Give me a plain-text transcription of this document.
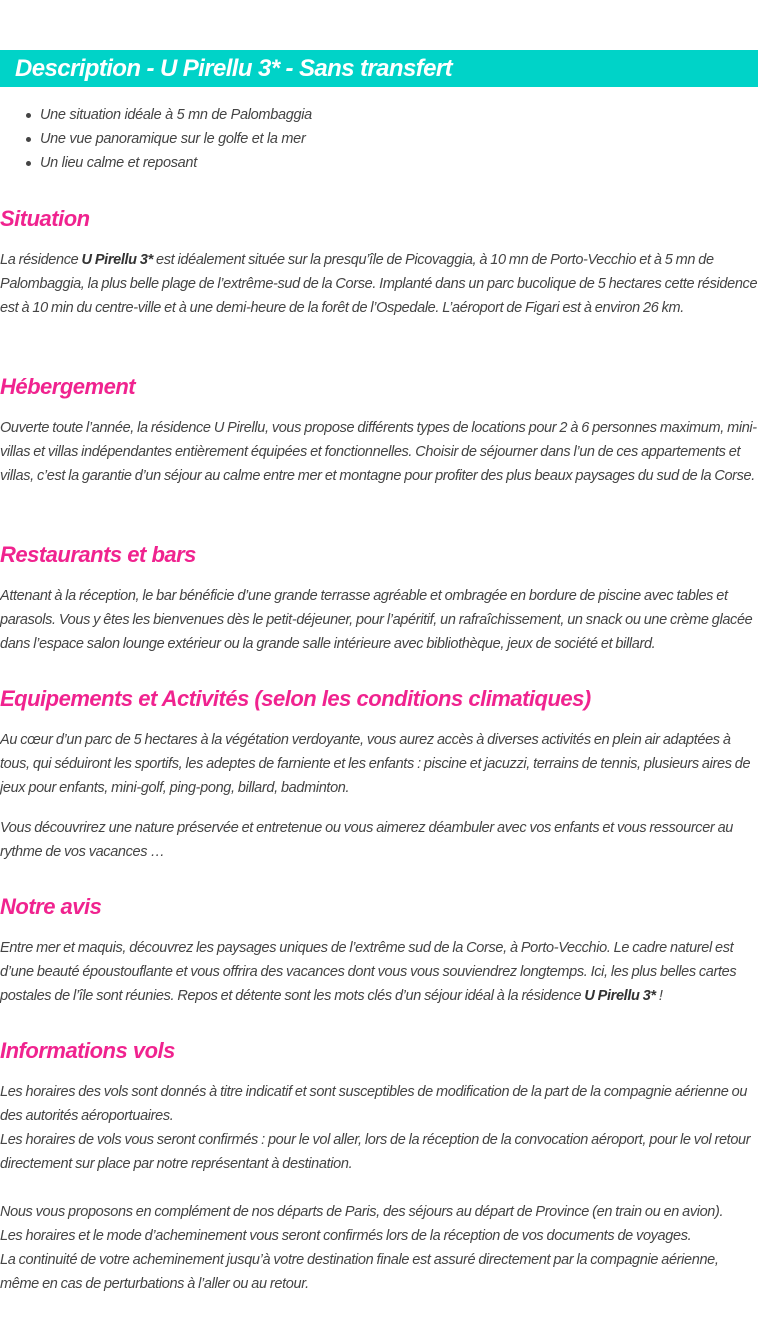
Description - U Pirellu 3* - Sans transfert
Une situation idéale à 5 mn de Palombaggia
Une vue panoramique sur le golfe et la mer
Un lieu calme et reposant
Situation

La résidence U Pirellu 3* est idéalement située sur la presqu’île de Picovaggia, à 10 mn de Porto-Vecchio et à 5 mn de Palombaggia, la plus belle plage de l’extrême-sud de la Corse. Implanté dans un parc bucolique de 5 hectares cette résidence est à 10 min du centre-ville et à une demi-heure de la forêt de l’Ospedale. L’aéroport de Figari est à environ 26 km.

Hébergement

Ouverte toute l’année, la résidence U Pirellu, vous propose différents types de locations pour 2 à 6 personnes maximum, mini-villas et villas indépendantes entièrement équipées et fonctionnelles. Choisir de séjourner dans l’un de ces appartements et villas, c’est la garantie d’un séjour au calme entre mer et montagne pour profiter des plus beaux paysages du sud de la Corse.

Restaurants et bars

Attenant à la réception, le bar bénéficie d’une grande terrasse agréable et ombragée en bordure de piscine avec tables et parasols. Vous y êtes les bienvenues dès le petit-déjeuner, pour l’apéritif, un rafraîchissement, un snack ou une crème glacée dans l’espace salon lounge extérieur ou la grande salle intérieure avec bibliothèque, jeux de société et billard.

Equipements et Activités (selon les conditions climatiques)

Au cœur d’un parc de 5 hectares à la végétation verdoyante, vous aurez accès à diverses activités en plein air adaptées à tous, qui séduiront les sportifs, les adeptes de farniente et les enfants : piscine et jacuzzi, terrains de tennis, plusieurs aires de jeux pour enfants, mini-golf, ping-pong, billard, badminton.

Vous découvrirez une nature préservée et entretenue ou vous aimerez déambuler avec vos enfants et vous ressourcer au rythme de vos vacances …

Notre avis

Entre mer et maquis, découvrez les paysages uniques de l’extrême sud de la Corse, à Porto-Vecchio. Le cadre naturel est d’une beauté époustouflante et vous offrira des vacances dont vous vous souviendrez longtemps. Ici, les plus belles cartes postales de l’île sont réunies. Repos et détente sont les mots clés d’un séjour idéal à la résidence U Pirellu 3* !

Informations vols

Les horaires des vols sont donnés à titre indicatif et sont susceptibles de modification de la part de la compagnie aérienne ou des autorités aéroportuaires.
Les horaires de vols vous seront confirmés : pour le vol aller, lors de la réception de la convocation aéroport, pour le vol retour directement sur place par notre représentant à destination.

Nous vous proposons en complément de nos départs de Paris, des séjours au départ de Province (en train ou en avion).
Les horaires et le mode d’acheminement vous seront confirmés lors de la réception de vos documents de voyages.
La continuité de votre acheminement jusqu’à votre destination finale est assuré directement par la compagnie aérienne, même en cas de perturbations à l’aller ou au retour.
